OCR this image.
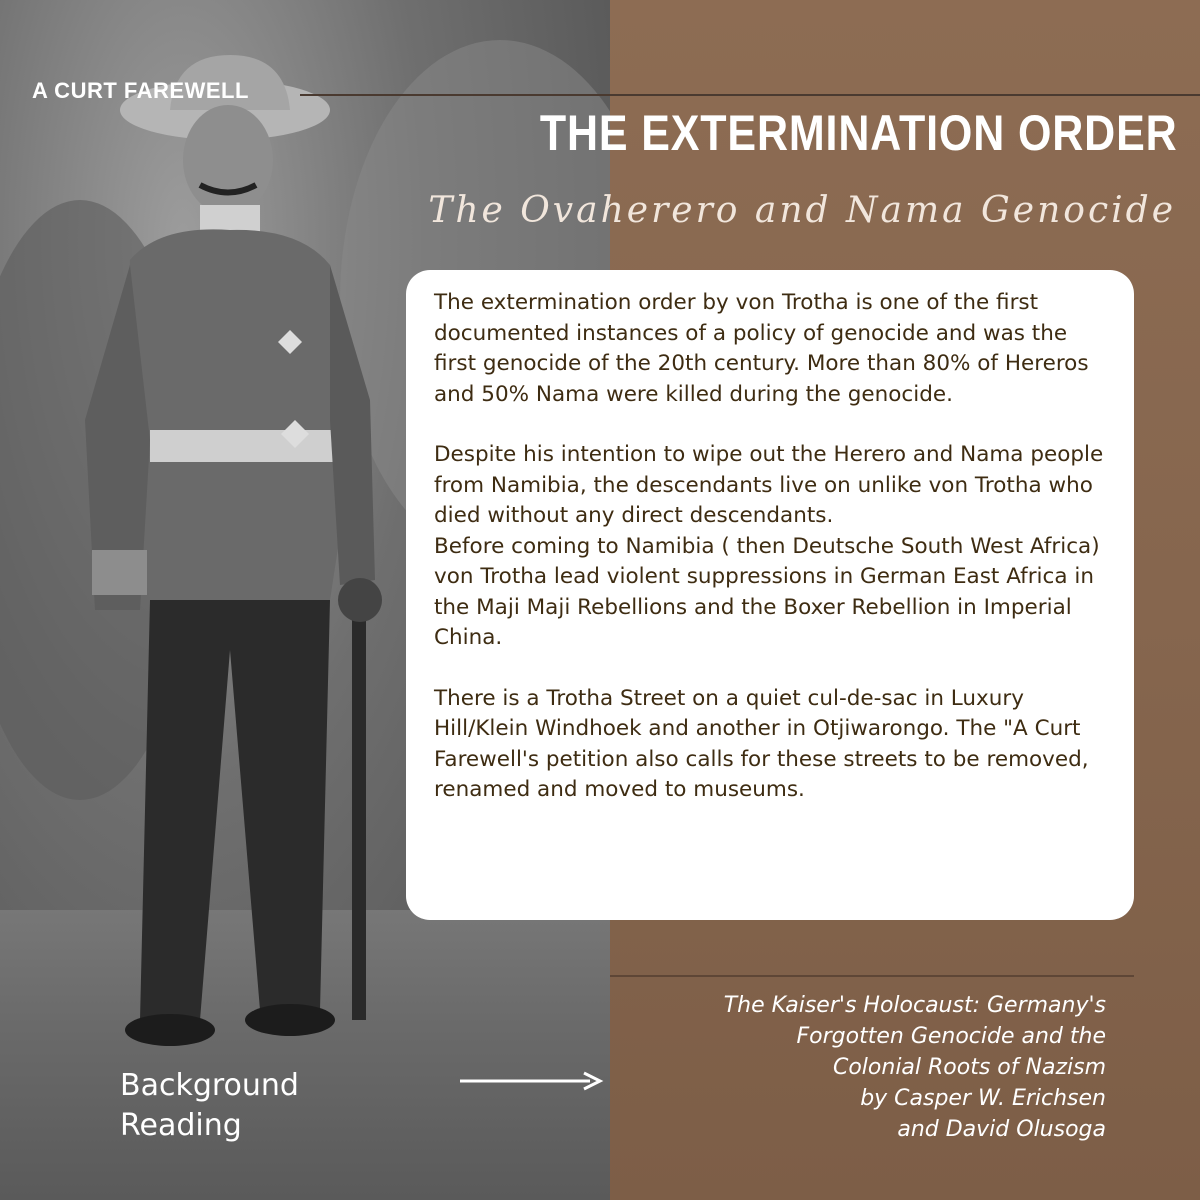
A CURT FAREWELL
THE EXTERMINATION ORDER
The Ovaherero and Nama Genocide

The extermination order by von Trotha is one of the first documented instances of a policy of genocide and was the first genocide of the 20th century. More than 80% of Hereros and 50% Nama were killed during the genocide.

Despite his intention to wipe out the Herero and Nama people from Namibia, the descendants live on unlike von Trotha who died without any direct descendants.

Before coming to Namibia ( then Deutsche South West Africa) von Trotha lead violent suppressions in German East Africa in the Maji Maji Rebellions and the Boxer Rebellion in Imperial China.

There is a Trotha Street on a quiet cul-de-sac in Luxury Hill/Klein Windhoek and another in Otjiwarongo. The "A Curt Farewell's petition also calls for these streets to be removed, renamed and moved to museums.

The Kaiser's Holocaust: Germany's
Forgotten Genocide and the
Colonial Roots of Nazism
by Casper W. Erichsen
and David Olusoga
Background
Reading
